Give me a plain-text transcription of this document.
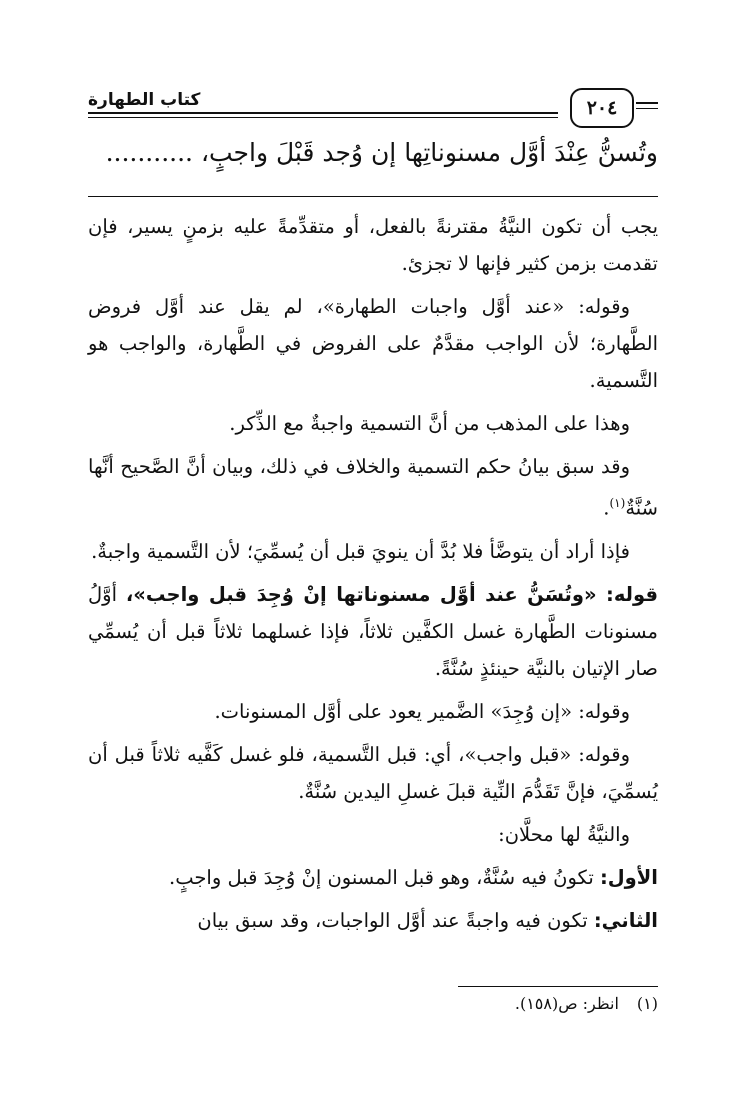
كتاب الطهارة	٢٠٤
وتُسنُّ عِنْدَ أوَّل مسنوناتِها إن وُجد قَبْلَ واجبٍ، ...........

يجب أن تكون النيَّةُ مقترنةً بالفعل، أو متقدِّمةً عليه بزمنٍ يسير، فإن تقدمت بزمن كثير فإنها لا تجزئ.

وقوله: «عند أوَّل واجبات الطهارة»، لم يقل عند أوَّل فروض الطَّهارة؛ لأن الواجب مقدَّمٌ على الفروض في الطَّهارة، والواجب هو التَّسمية.

وهذا على المذهب من أنَّ التسمية واجبةٌ مع الذِّكر.

وقد سبق بيانُ حكم التسمية والخلاف في ذلك، وبيان أنَّ الصَّحيح أنَّها سُنَّةٌ$^{(١)}$.

فإذا أراد أن يتوضَّأ فلا بُدَّ أن ينويَ قبل أن يُسمِّيَ؛ لأن التَّسمية واجبةٌ.

قوله: «وتُسَنُّ عند أوَّل مسنوناتها إنْ وُجِدَ قبل واجب»، أوَّلُ مسنونات الطَّهارة غسل الكفَّين ثلاثاً، فإذا غسلهما ثلاثاً قبل أن يُسمِّي صار الإتيان بالنيَّة حينئذٍ سُنَّةً.

وقوله: «إن وُجِدَ» الضَّمير يعود على أوَّل المسنونات.

وقوله: «قبل واجب»، أي: قبل التَّسمية، فلو غسل كَفَّيه ثلاثاً قبل أن يُسمِّيَ، فإنَّ تَقَدُّمَ النِّية قبلَ غسلِ اليدين سُنَّةٌ.

والنيَّةُ لها محلَّان:

الأول: تكونُ فيه سُنَّةٌ، وهو قبل المسنون إنْ وُجِدَ قبل واجبٍ.

الثاني: تكون فيه واجبةً عند أوَّل الواجبات، وقد سبق بيان

(١)انظر: ص(١٥٨).
